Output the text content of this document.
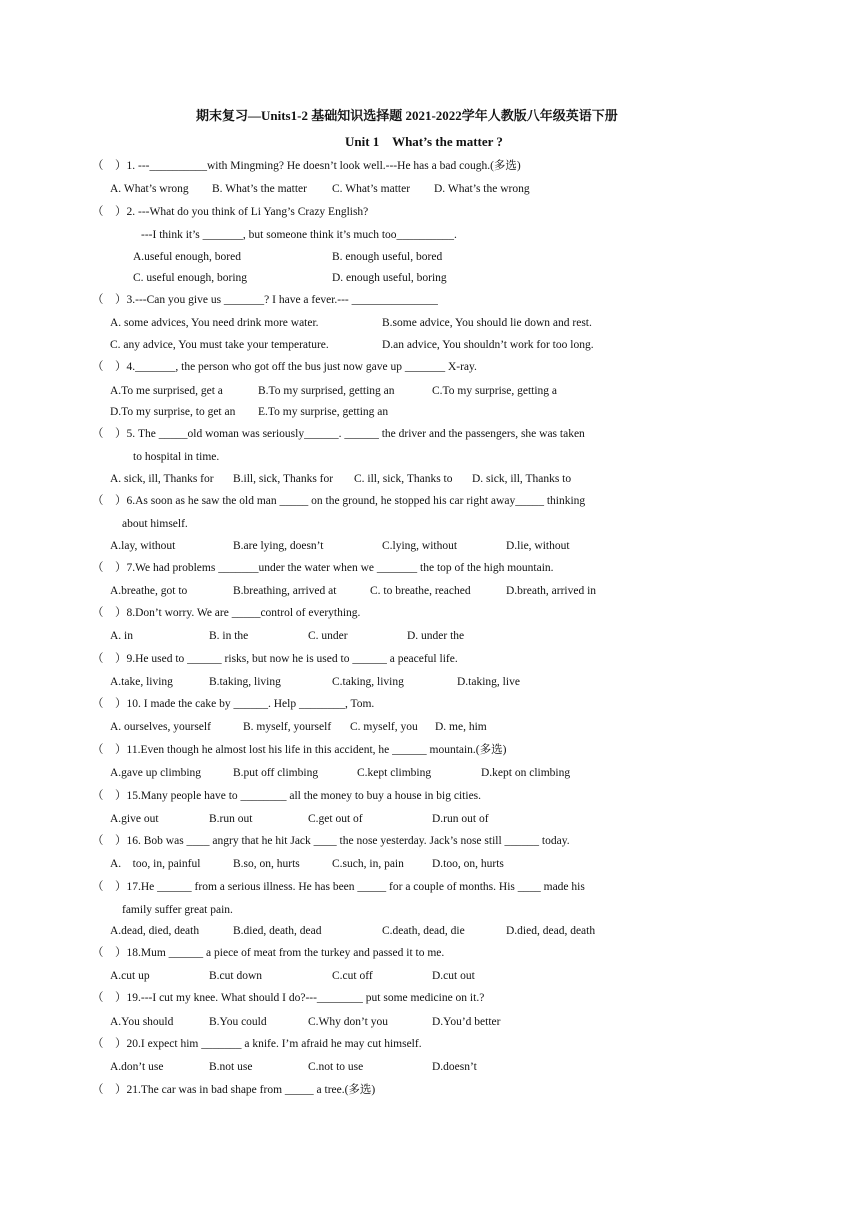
期末复习—Units1-2 基础知识选择题 2021-2022学年人教版八年级英语下册
Unit 1    What’s the matter ?
（    ）1. ---__________with Mingming? He doesn’t look well.---He has a bad cough.(多选)
A. What’s wrong B. What’s the matter C. What’s matter D. What’s the wrong
（    ）2. ---What do you think of Li Yang’s Crazy English?
---I think it’s _______, but someone think it’s much too__________.
A.useful enough, bored	B. enough useful, bored
C. useful enough, boring	D. enough useful, boring
（    ）3.---Can you give us _______? I have a fever.--- _______________
A. some advices, You need drink more water.	B.some advice, You should lie down and rest.
C. any advice, You must take your temperature.	D.an advice, You shouldn’t work for too long.
（    ）4._______, the person who got off the bus just now gave up _______ X-ray.
A.To me surprised, get a	B.To my surprised, getting an	C.To my surprise, getting a
D.To my surprise, to get an E.To my surprise, getting an
（    ）5. The _____old woman was seriously______. ______ the driver and the passengers, she was taken
to hospital in time.
A. sick, ill, Thanks for B.ill, sick, Thanks for C. ill, sick, Thanks to D. sick, ill, Thanks to
（    ）6.As soon as he saw the old man _____ on the ground, he stopped his car right away_____ thinking
about himself.
A.lay, without	B.are lying, doesn’t	C.lying, without	D.lie, without
（    ）7.We had problems _______under the water when we _______ the top of the high mountain.
A.breathe, got to	B.breathing, arrived at	C. to breathe, reached	D.breath, arrived in
（    ）8.Don’t worry. We are _____control of everything.
A. in	B. in the	C. under	D. under the
（    ）9.He used to ______ risks, but now he is used to ______ a peaceful life.
A.take, living	B.taking, living	C.taking, living	D.taking, live
（    ）10. I made the cake by ______. Help ________, Tom.
A. ourselves, yourself	B. myself, yourself C. myself, you D. me, him
（    ）11.Even though he almost lost his life in this accident, he ______ mountain.(多选)
A.gave up climbing	B.put off climbing	C.kept climbing	D.kept on climbing
（    ）15.Many people have to ________ all the money to buy a house in big cities.
A.give out	B.run out	C.get out of	D.run out of
（    ）16. Bob was ____ angry that he hit Jack ____ the nose yesterday. Jack’s nose still ______ today.
A.    too, in, painful	B.so, on, hurts	C.such, in, pain D.too, on, hurts
（    ）17.He ______ from a serious illness. He has been _____ for a couple of months. His ____ made his
family suffer great pain.
A.dead, died, death	B.died, death, dead	C.death, dead, die	D.died, dead, death
（    ）18.Mum ______ a piece of meat from the turkey and passed it to me.
A.cut up	B.cut down	C.cut off	D.cut out
（    ）19.---I cut my knee. What should I do?---________ put some medicine on it.?
A.You should	B.You could	C.Why don’t you	D.You’d better
（    ）20.I expect him _______ a knife. I’m afraid he may cut himself.
A.don’t use	B.not use	C.not to use	D.doesn’t
（    ）21.The car was in bad shape from _____ a tree.(多选)
